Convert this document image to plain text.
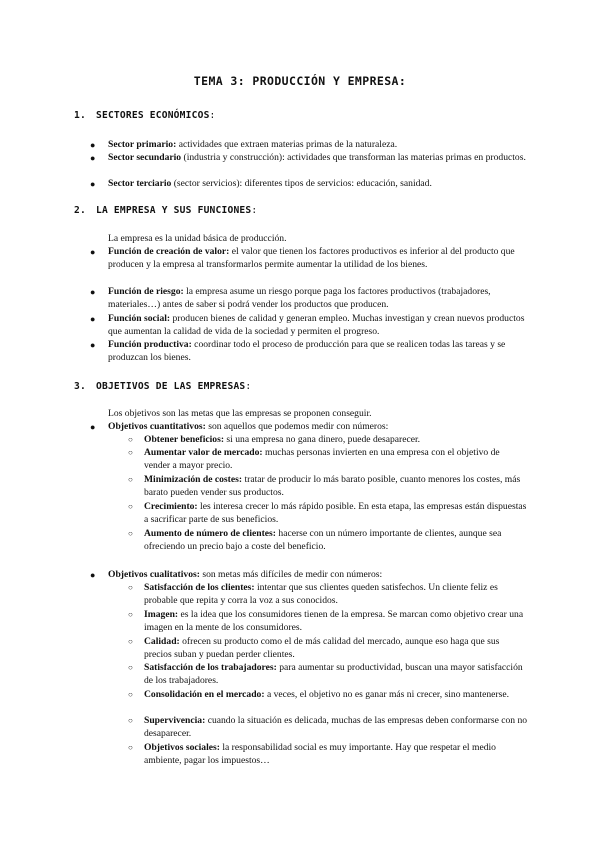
TEMA 3: PRODUCCIÓN Y EMPRESA:
1. SECTORES ECONÓMICOS:
● Sector primario: actividades que extraen materias primas de la naturaleza.
● Sector secundario (industria y construcción): actividades que transforman las materias primas en productos.
● Sector terciario (sector servicios): diferentes tipos de servicios: educación, sanidad.
2. LA EMPRESA Y SUS FUNCIONES:
La empresa es la unidad básica de producción.
● Función de creación de valor: el valor que tienen los factores productivos es inferior al del producto que producen y la empresa al transformarlos permite aumentar la utilidad de los bienes.
● Función de riesgo: la empresa asume un riesgo porque paga los factores productivos (trabajadores, materiales…) antes de saber si podrá vender los productos que producen.
● Función social: producen bienes de calidad y generan empleo. Muchas investigan y crean nuevos productos que aumentan la calidad de vida de la sociedad y permiten el progreso.
● Función productiva: coordinar todo el proceso de producción para que se realicen todas las tareas y se produzcan los bienes.
3. OBJETIVOS DE LAS EMPRESAS:
Los objetivos son las metas que las empresas se proponen conseguir.
● Objetivos cuantitativos: son aquellos que podemos medir con números:
○ Obtener beneficios: si una empresa no gana dinero, puede desaparecer.
○ Aumentar valor de mercado: muchas personas invierten en una empresa con el objetivo de vender a mayor precio.
○ Minimización de costes: tratar de producir lo más barato posible, cuanto menores los costes, más barato pueden vender sus productos.
○ Crecimiento: les interesa crecer lo más rápido posible. En esta etapa, las empresas están dispuestas a sacrificar parte de sus beneficios.
○ Aumento de número de clientes: hacerse con un número importante de clientes, aunque sea ofreciendo un precio bajo a coste del beneficio.
● Objetivos cualitativos: son metas más difíciles de medir con números:
○ Satisfacción de los clientes: intentar que sus clientes queden satisfechos. Un cliente feliz es probable que repita y corra la voz a sus conocidos.
○ Imagen: es la idea que los consumidores tienen de la empresa. Se marcan como objetivo crear una imagen en la mente de los consumidores.
○ Calidad: ofrecen su producto como el de más calidad del mercado, aunque eso haga que sus precios suban y puedan perder clientes.
○ Satisfacción de los trabajadores: para aumentar su productividad, buscan una mayor satisfacción de los trabajadores.
○ Consolidación en el mercado: a veces, el objetivo no es ganar más ni crecer, sino mantenerse.
○ Supervivencia: cuando la situación es delicada, muchas de las empresas deben conformarse con no desaparecer.
○ Objetivos sociales: la responsabilidad social es muy importante. Hay que respetar el medio ambiente, pagar los impuestos…
